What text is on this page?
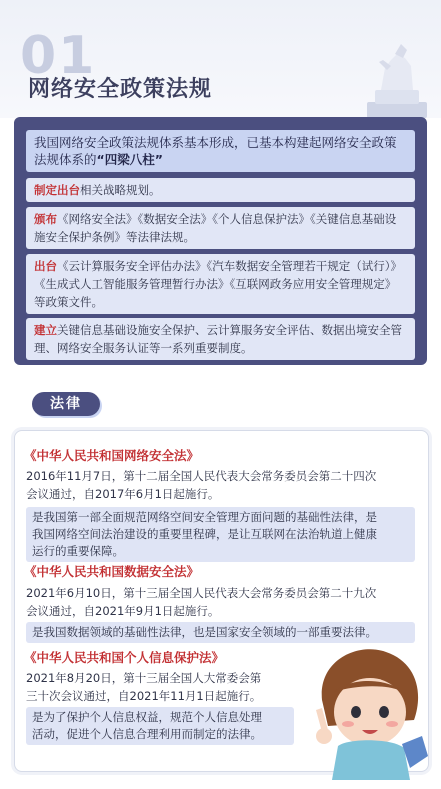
01
网络安全政策法规
我国网络安全政策法规体系基本形成，已基本构建起网络安全政策法规体系的“四梁八柱”
制定出台相关战略规划。
颁布《网络安全法》《数据安全法》《个人信息保护法》《关键信息基础设施安全保护条例》等法律法规。
出台《云计算服务安全评估办法》《汽车数据安全管理若干规定（试行）》《生成式人工智能服务管理暂行办法》《互联网政务应用安全管理规定》等政策文件。
建立关键信息基础设施安全保护、云计算服务安全评估、数据出境安全管理、网络安全服务认证等一系列重要制度。
法律
《中华人民共和国网络安全法》
2016年11月7日，第十二届全国人民代表大会常务委员会第二十四次
会议通过，自2017年6月1日起施行。
是我国第一部全面规范网络空间安全管理方面问题的基础性法律，是
我国网络空间法治建设的重要里程碑，是让互联网在法治轨道上健康
运行的重要保障。
《中华人民共和国数据安全法》
2021年6月10日，第十三届全国人民代表大会常务委员会第二十九次
会议通过，自2021年9月1日起施行。
是我国数据领域的基础性法律，也是国家安全领域的一部重要法律。
《中华人民共和国个人信息保护法》
2021年8月20日，第十三届全国人大常委会第
三十次会议通过，自2021年11月1日起施行。
是为了保护个人信息权益，规范个人信息处理
活动，促进个人信息合理利用而制定的法律。
